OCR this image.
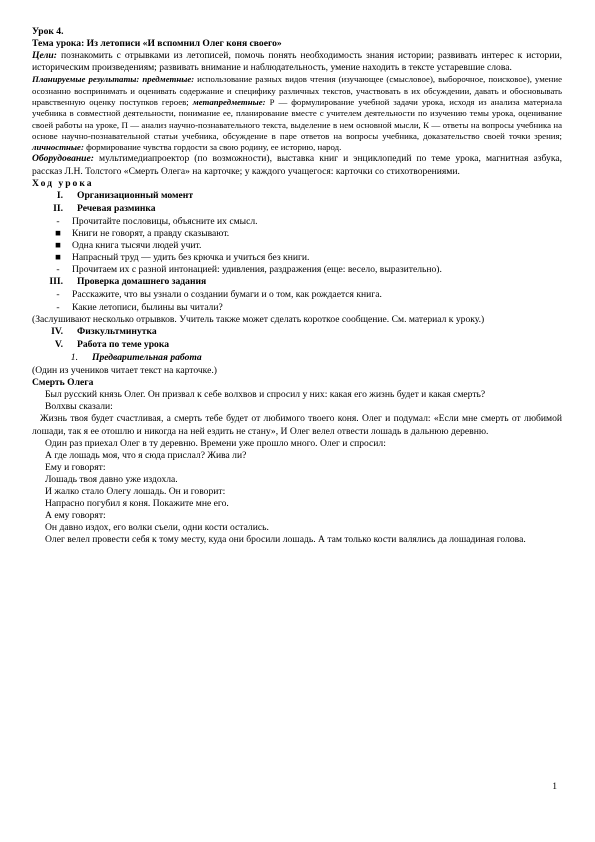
Урок 4.

Тема урока: Из летописи «И вспомнил Олег коня своего»

Цели: познакомить с отрывками из летописей, помочь понять необходимость знания истории; развивать интерес к истории, историческим произведениям; развивать внимание и наблюдательность, умение находить в тексте устаревшие слова.

Планируемые результаты: предметные: использование разных видов чтения (изучающее (смысловое), выборочное, поисковое), умение осознанно воспринимать и оценивать содержание и специфику различных текстов, участвовать в их обсуждении, давать и обосновывать нравственную оценку поступков героев; метапредметные: Р — формулирование учебной задачи урока, исходя из анализа материала учебника в совместной деятельности, понимание ее, планирование вместе с учителем деятельности по изучению темы урока, оценивание своей работы на уроке, П — анализ научно-познавательного текста, выделение в нем основной мысли, К — ответы на вопросы учебника на основе научно-познавательной статьи учебника, обсуждение в паре ответов на вопросы учебника, доказательство своей точки зрения; личностные: формирование чувства гордости за свою родину, ее историю, народ.

Оборудование: мультимедиапроектор (по возможности), выставка книг и энциклопедий по теме урока, магнитная азбука, рассказ Л.Н. Толстого «Смерть Олега» на карточке; у каждого учащегося: карточки со стихотворениями.

Ход урока

I.	Организационный момент
II.	Речевая разминка
-	Прочитайте пословицы, объясните их смысл.
■	Книги не говорят, а правду сказывают.
■	Одна книга тысячи людей учит.
■	Напрасный труд — удить без крючка и учиться без книги.
-	Прочитаем их с разной интонацией: удивления, раздражения (еще: весело, выразительно).
III.	Проверка домашнего задания
-	Расскажите, что вы узнали о создании бумаги и о том, как рождается книга.
-	Какие летописи, былины вы читали?

(Заслушивают несколько отрывков. Учитель также может сделать короткое сообщение. См. материал к уроку.)

IV.	Физкультминутка
V.	Работа по теме урока
1.	Предварительная работа

(Один из учеников читает текст на карточке.)

Смерть Олега

Был русский князь Олег. Он призвал к себе волхвов и спросил у них: какая его жизнь будет и какая смерть?

Волхвы сказали:

Жизнь твоя будет счастливая, а смерть тебе будет от любимого твоего коня. Олег и подумал: «Если мне смерть от любимой лошади, так я ее отошлю и никогда на ней ездить не стану», И Олег велел отвести лошадь в дальнюю деревню.

Один раз приехал Олег в ту деревню. Времени уже прошло много. Олег и спросил:

А где лошадь моя, что я сюда прислал? Жива ли?

Ему и говорят:

Лошадь твоя давно уже издохла.

И жалко стало Олегу лошадь. Он и говорит:

Напрасно погубил я коня. Покажите мне его.

А ему говорят:

Он давно издох, его волки съели, одни кости остались.

Олег велел провести себя к тому месту, куда они бросили лошадь. А там только кости валялись да лошадиная голова.

1
